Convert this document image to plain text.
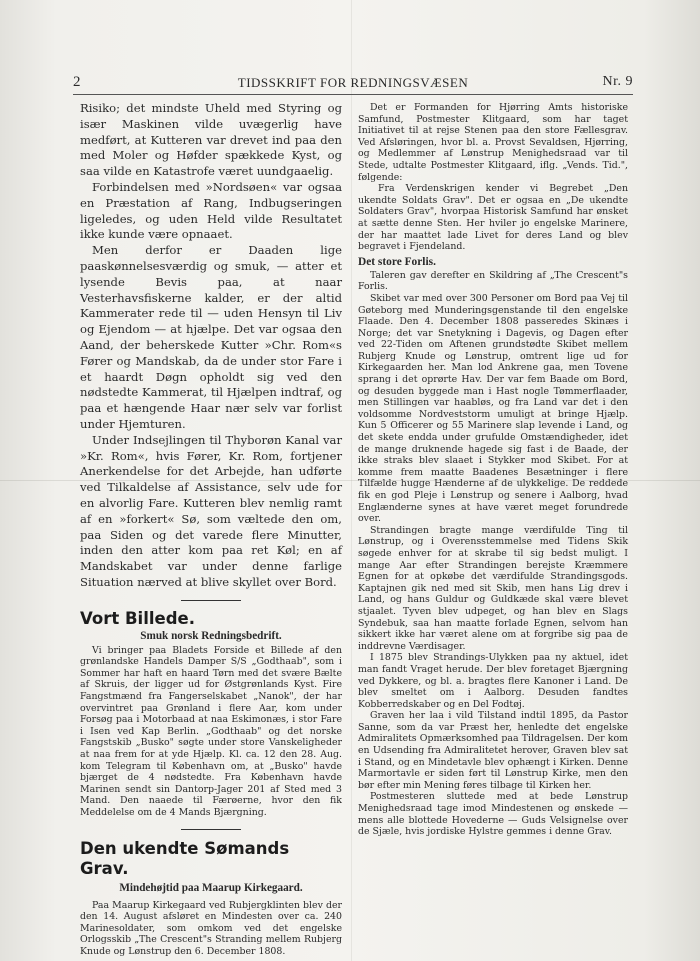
2	TIDSSKRIFT FOR REDNINGSVÆSEN	Nr. 9

Risiko; det mindste Uheld med Styring og især Maskinen vilde uvægerlig have medført, at Kutteren var drevet ind paa den med Moler og Høfder spækkede Kyst, og saa vilde en Katastrofe været uundgaaelig.

Forbindelsen med »Nordsøen« var ogsaa en Præstation af Rang, Indbugseringen ligeledes, og uden Held vilde Resultatet ikke kunde være opnaaet.

Men derfor er Daaden lige paaskønnelsesværdig og smuk, — atter et lysende Bevis paa, at naar Vesterhavsfiskerne kalder, er der altid Kammerater rede til — uden Hensyn til Liv og Ejendom — at hjælpe. Det var ogsaa den Aand, der beherskede Kutter »Chr. Rom«s Fører og Mandskab, da de under stor Fare i et haardt Døgn opholdt sig ved den nødstedte Kammerat, til Hjælpen indtraf, og paa et hængende Haar nær selv var forlist under Hjemturen.

Under Indsejlingen til Thyborøn Kanal var »Kr. Rom«, hvis Fører, Kr. Rom, fortjener Anerkendelse for det Arbejde, han udførte ved Tilkaldelse af Assistance, selv ude for en alvorlig Fare. Kutteren blev nemlig ramt af en »forkert« Sø, som væltede den om, paa Siden og det varede flere Minutter, inden den atter kom paa ret Køl; en af Mandskabet var under denne farlige Situation nærved at blive skyllet over Bord.

Vort Billede.
Smuk norsk Redningsbedrift.

Vi bringer paa Bladets Forside et Billede af den grønlandske Handels Damper S/S „Godthaab", som i Sommer har haft en haard Tørn med det svære Bælte af Skruis, der ligger ud for Østgrønlands Kyst. Fire Fangstmænd fra Fangerselskabet „Nanok", der har overvintret paa Grønland i flere Aar, kom under Forsøg paa i Motorbaad at naa Eskimonæs, i stor Fare i Isen ved Kap Berlin. „Godthaab" og det norske Fangstskib „Busko" søgte under store Vanskeligheder at naa frem for at yde Hjælp. Kl. ca. 12 den 28. Aug. kom Telegram til København om, at „Busko" havde bjærget de 4 nødstedte. Fra København havde Marinen sendt sin Dantorp-Jager 201 af Sted med 3 Mand. Den naaede til Færøerne, hvor den fik Meddelelse om de 4 Mands Bjærgning.

Den ukendte Sømands Grav.
Mindehøjtid paa Maarup Kirkegaard.

Paa Maarup Kirkegaard ved Rubjergklinten blev der den 14. August afsløret en Mindesten over ca. 240 Marinesoldater, som omkom ved det engelske Orlogsskib „The Crescent"s Stranding mellem Rubjerg Knude og Lønstrup den 6. December 1808.

Det er Formanden for Hjørring Amts historiske Samfund, Postmester Klitgaard, som har taget Initiativet til at rejse Stenen paa den store Fællesgrav. Ved Afsløringen, hvor bl. a. Provst Sevaldsen, Hjørring, og Medlemmer af Lønstrup Menighedsraad var til Stede, udtalte Postmester Klitgaard, iflg. „Vends. Tid.", følgende:

Fra Verdenskrigen kender vi Begrebet „Den ukendte Soldats Grav". Det er ogsaa en „De ukendte Soldaters Grav", hvorpaa Historisk Samfund har ønsket at sætte denne Sten. Her hviler jo engelske Marinere, der har maattet lade Livet for deres Land og blev begravet i Fjendeland.

Det store Forlis.

Taleren gav derefter en Skildring af „The Crescent"s Forlis.

Skibet var med over 300 Personer om Bord paa Vej til Gøteborg med Munderingsgenstande til den engelske Flaade. Den 4. December 1808 passeredes Skinæs i Norge; det var Snetykning i Dagevis, og Dagen efter ved 22-Tiden om Aftenen grundstødte Skibet mellem Rubjerg Knude og Lønstrup, omtrent lige ud for Kirkegaarden her. Man lod Ankrene gaa, men Tovene sprang i det oprørte Hav. Der var fem Baade om Bord, og desuden byggede man i Hast nogle Tømmerflaader, men Stillingen var haabløs, og fra Land var det i den voldsomme Nordveststorm umuligt at bringe Hjælp. Kun 5 Officerer og 55 Marinere slap levende i Land, og det skete endda under grufulde Omstændigheder, idet de mange druknende hagede sig fast i de Baade, der ikke straks blev slaaet i Stykker mod Skibet. For at komme frem maatte Baadenes Besætninger i flere Tilfælde hugge Hænderne af de ulykkelige. De reddede fik en god Pleje i Lønstrup og senere i Aalborg, hvad Englænderne synes at have været meget forundrede over.

Strandingen bragte mange værdifulde Ting til Lønstrup, og i Overensstemmelse med Tidens Skik søgede enhver for at skrabe til sig bedst muligt. I mange Aar efter Strandingen berejste Kræmmere Egnen for at opkøbe det værdifulde Strandingsgods. Kaptajnen gik ned med sit Skib, men hans Lig drev i Land, og hans Guldur og Guldkæde skal være blevet stjaalet. Tyven blev udpeget, og han blev en Slags Syndebuk, saa han maatte forlade Egnen, selvom han sikkert ikke har været alene om at forgribe sig paa de inddrevne Værdisager.

I 1875 blev Strandings-Ulykken paa ny aktuel, idet man fandt Vraget herude. Der blev foretaget Bjærgning ved Dykkere, og bl. a. bragtes flere Kanoner i Land. De blev smeltet om i Aalborg. Desuden fandtes Kobberredskaber og en Del Fodtøj.

Graven her laa i vild Tilstand indtil 1895, da Pastor Sanne, som da var Præst her, henledte det engelske Admiralitets Opmærksomhed paa Tildragelsen. Der kom en Udsending fra Admiralitetet herover, Graven blev sat i Stand, og en Mindetavle blev ophængt i Kirken. Denne Marmortavle er siden ført til Lønstrup Kirke, men den bør efter min Mening føres tilbage til Kirken her.

Postmesteren sluttede med at bede Lønstrup Menighedsraad tage imod Mindestenen og ønskede — mens alle blottede Hovederne — Guds Velsignelse over de Sjæle, hvis jordiske Hylstre gemmes i denne Grav.
